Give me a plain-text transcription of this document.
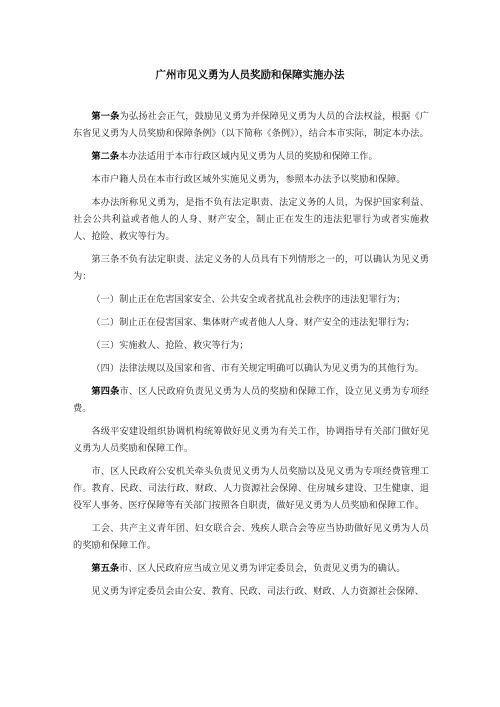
广州市见义勇为人员奖励和保障实施办法

第一条为弘扬社会正气，鼓励见义勇为并保障见义勇为人员的合法权益，根据《广东省见义勇为人员奖励和保障条例》（以下简称《条例》），结合本市实际，制定本办法。

第二条本办法适用于本市行政区域内见义勇为人员的奖励和保障工作。

本市户籍人员在本市行政区域外实施见义勇为，参照本办法予以奖励和保障。

本办法所称见义勇为，是指不负有法定职责、法定义务的人员，为保护国家利益、社会公共利益或者他人的人身、财产安全，制止正在发生的违法犯罪行为或者实施救人、抢险、救灾等行为。

第三条不负有法定职责、法定义务的人员具有下列情形之一的，可以确认为见义勇为：

（一）制止正在危害国家安全、公共安全或者扰乱社会秩序的违法犯罪行为；

（二）制止正在侵害国家、集体财产或者他人人身、财产安全的违法犯罪行为；

（三）实施救人、抢险、救灾等行为；

（四）法律法规以及国家和省、市有关规定明确可以确认为见义勇为的其他行为。

第四条市、区人民政府负责见义勇为人员的奖励和保障工作，设立见义勇为专项经费。

各级平安建设组织协调机构统筹做好见义勇为有关工作，协调指导有关部门做好见义勇为人员奖励和保障工作。

市、区人民政府公安机关牵头负责见义勇为人员奖励以及见义勇为专项经费管理工作。教育、民政、司法行政、财政、人力资源社会保障、住房城乡建设、卫生健康、退役军人事务、医疗保障等有关部门按照各自职责，做好见义勇为人员奖励和保障工作。

工会、共产主义青年团、妇女联合会、残疾人联合会等应当协助做好见义勇为人员的奖励和保障工作。

第五条市、区人民政府应当成立见义勇为评定委员会，负责见义勇为的确认。

见义勇为评定委员会由公安、教育、民政、司法行政、财政、人力资源社会保障、
